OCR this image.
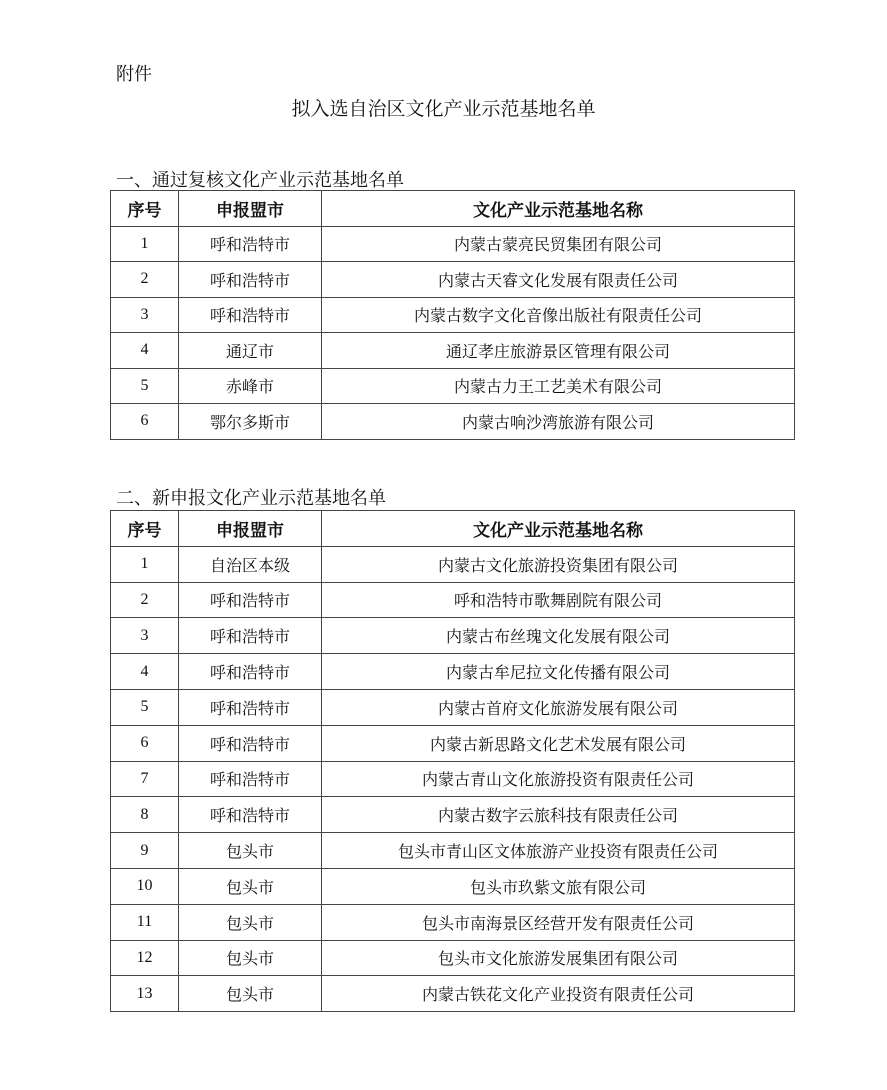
附件
拟入选自治区文化产业示范基地名单
一、通过复核文化产业示范基地名单
序号	申报盟市	文化产业示范基地名称
1	呼和浩特市	内蒙古蒙亮民贸集团有限公司
2	呼和浩特市	内蒙古天睿文化发展有限责任公司
3	呼和浩特市	内蒙古数字文化音像出版社有限责任公司
4	通辽市	通辽孝庄旅游景区管理有限公司
5	赤峰市	内蒙古力王工艺美术有限公司
6	鄂尔多斯市	内蒙古响沙湾旅游有限公司
二、新申报文化产业示范基地名单
序号	申报盟市	文化产业示范基地名称
1	自治区本级	内蒙古文化旅游投资集团有限公司
2	呼和浩特市	呼和浩特市歌舞剧院有限公司
3	呼和浩特市	内蒙古布丝瑰文化发展有限公司
4	呼和浩特市	内蒙古牟尼拉文化传播有限公司
5	呼和浩特市	内蒙古首府文化旅游发展有限公司
6	呼和浩特市	内蒙古新思路文化艺术发展有限公司
7	呼和浩特市	内蒙古青山文化旅游投资有限责任公司
8	呼和浩特市	内蒙古数字云旅科技有限责任公司
9	包头市	包头市青山区文体旅游产业投资有限责任公司
10	包头市	包头市玖紫文旅有限公司
11	包头市	包头市南海景区经营开发有限责任公司
12	包头市	包头市文化旅游发展集团有限公司
13	包头市	内蒙古铁花文化产业投资有限责任公司
